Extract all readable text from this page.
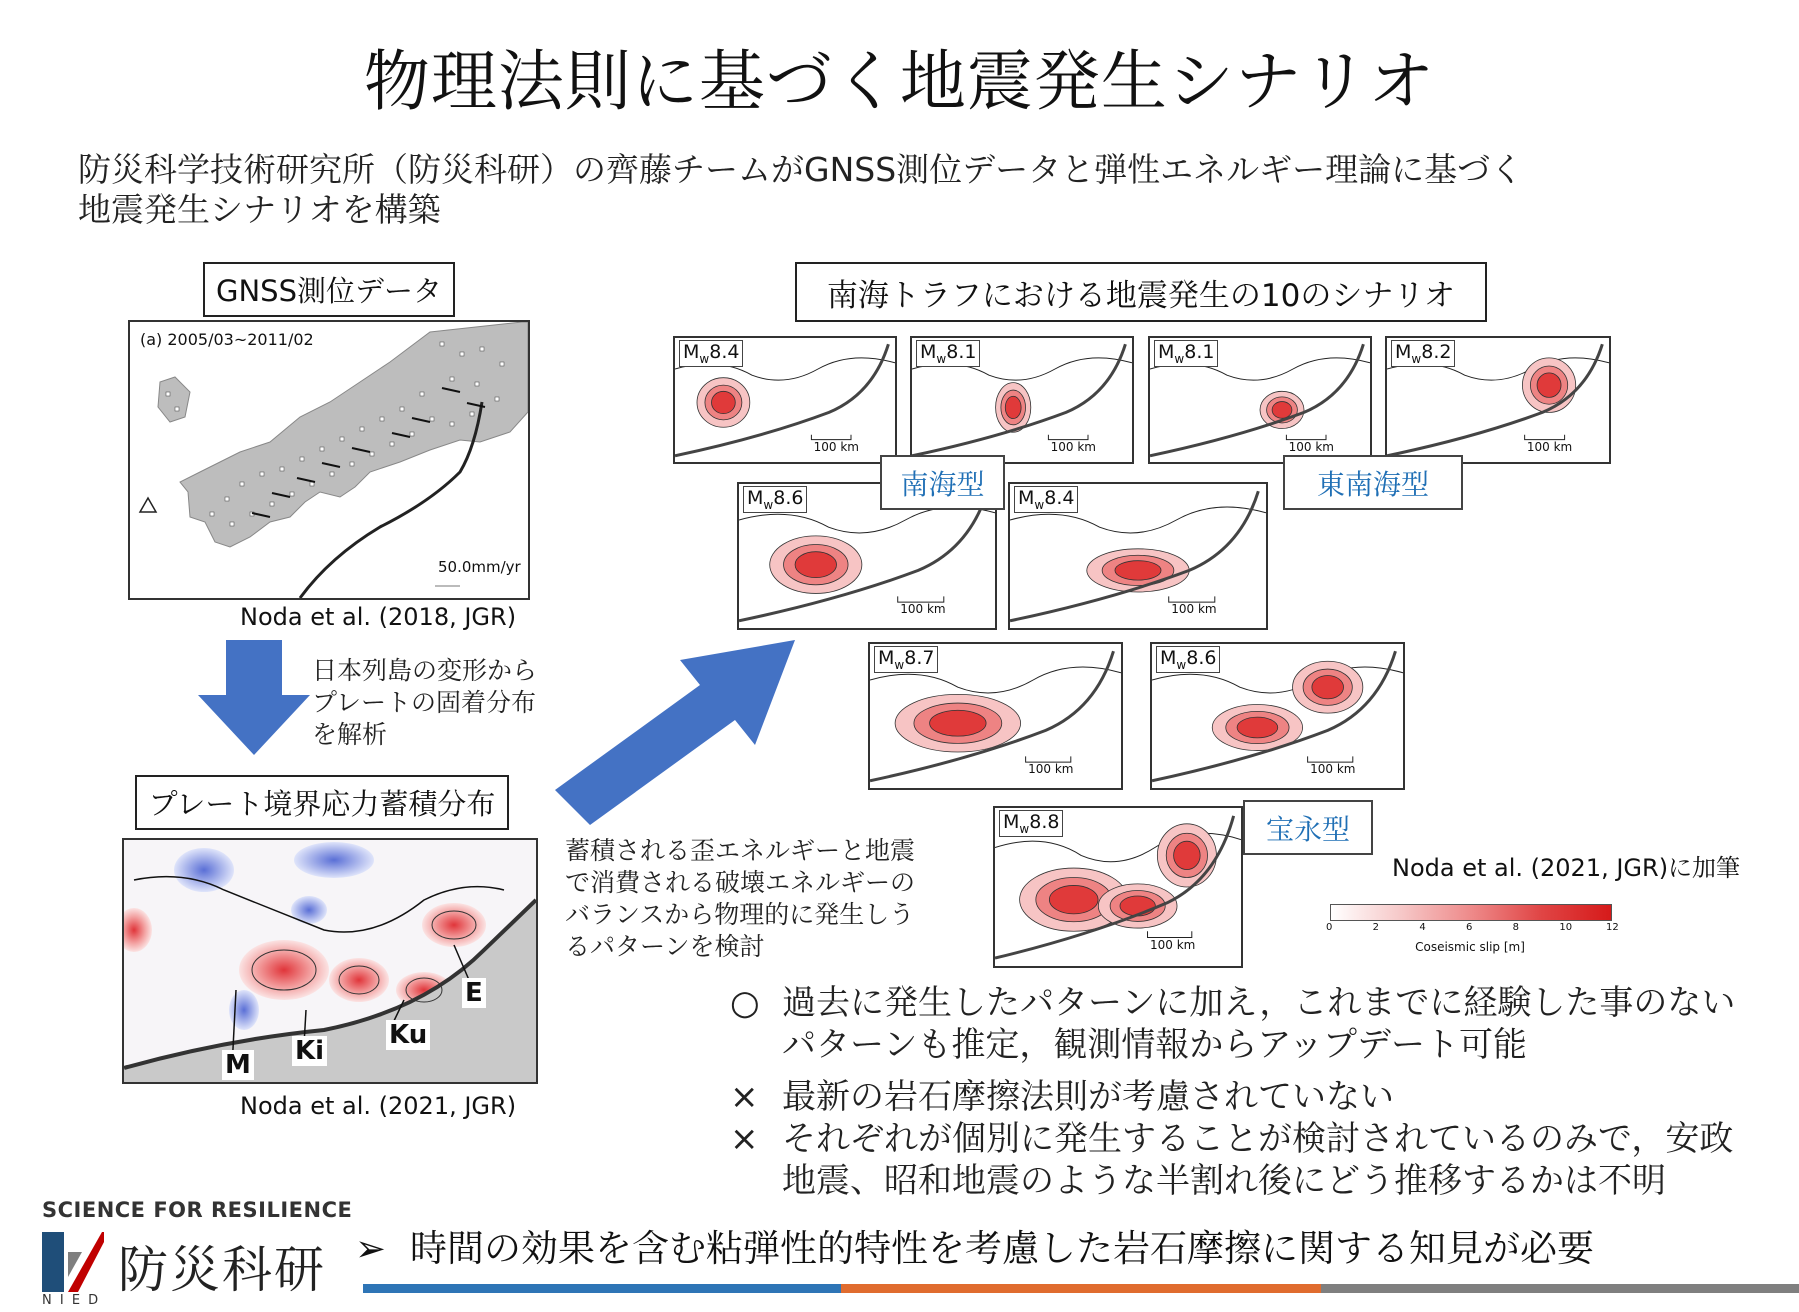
物理法則に基づく地震発生シナリオ
防災科学技術研究所（防災科研）の齊藤チームがGNSS測位データと弾性エネルギー理論に基づく
地震発生シナリオを構築
GNSS測位データ
(a) 2005/03~2011/02
50.0mm/yr
Noda et al. (2018, JGR)
日本列島の変形から
プレートの固着分布
を解析
プレート境界応力蓄積分布
M Ki
Ku
E
Noda et al. (2021, JGR)
蓄積される歪エネルギーと地震
で消費される破壊エネルギーの
バランスから物理的に発生しう
るパターンを検討
南海トラフにおける地震発生の10のシナリオ
$M_w8.4$
100 km
$M_w8.1$
100 km
$M_w8.1$
100 km
$M_w8.2$
100 km
$M_w8.6$
100 km
$M_w8.4$
100 km
$M_w8.7$
100 km
$M_w8.6$
100 km
$M_w8.8$
100 km
南海型	東南海型
宝永型
Noda et al. (2021, JGR)に加筆
0	2	4	6	8	10	12
Coseismic slip [m]
○ 過去に発生したパターンに加え，これまでに経験した事のない
パターンも推定，観測情報からアップデート可能
× 最新の岩石摩擦法則が考慮されていない
× それぞれが個別に発生することが検討されているのみで，安政
地震、昭和地震のような半割れ後にどう推移するかは不明
➢ 時間の効果を含む粘弾性的特性を考慮した岩石摩擦に関する知見が必要
SCIENCE FOR RESILIENCE
防災科研
N I E D
